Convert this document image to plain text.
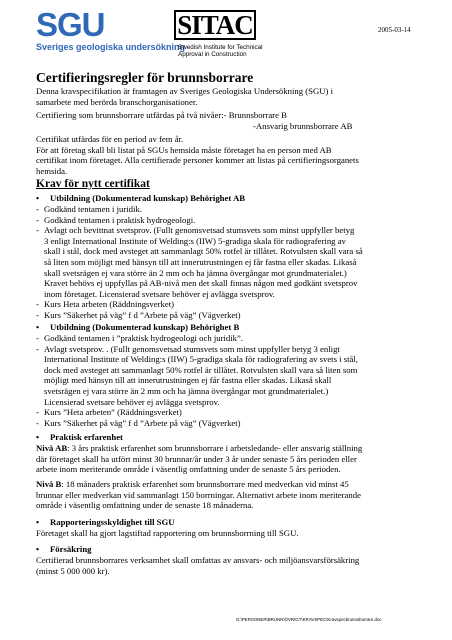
SGU
Sveriges geologiska undersökning
SITAC
Swedish Institute for Technical
Approval in Construction
2005-03-14
Certifieringsregler för brunnsborrare
Denna kravspecifikation är framtagen av Sveriges Geologiska Undersökning (SGU) i
samarbete med berörda branschorganisationer.
Certifiering som brunnsborrare utfärdas på två nivåer:- Brunnsborrare B
-Ansvarig brunnsborrare AB
Certifikat utfärdas för en period av fem år.
För att företag skall bli listat på SGUs hemsida måste företaget ha en person med AB
certifikat inom företaget. Alla certifierade personer kommer att listas på certifieringsorganets
hemsida.
Krav för nytt certifikat
• Utbildning (Dokumenterad kunskap) Behörighet AB
- Godkänd tentamen i juridik.
- Godkänd tentamen i praktisk hydrogeologi.
- Avlagt och bevittnat svetsprov. (Fullt genomsvetsad stumsvets som minst uppfyller betyg
3 enligt International Institute of Welding:s (IIW) 5-gradiga skala för radiografering av
skall i stål, dock med avsteget att sammanlagt 50% rotfel är tillåtet. Rotvulsten skall vara så
så liten som möjligt med hänsyn till att innerutrustningen ej får fastna eller skadas. Likaså
skall svetsrägen ej vara större än 2 mm och ha jämna övergångar mot grundmaterialet.)
Kravet behövs ej uppfyllas på AB-nivå men det skall finnas någon med godkänt svetsprov
inom företaget. Licensierad svetsare behöver ej avlägga svetsprov.
- Kurs Heta arbeten (Räddningsverket)
- Kurs ”Säkerhet på väg” f d ”Arbete på väg” (Vägverket)
• Utbildning (Dokumenterad kunskap) Behörighet B
- Godkänd tentamen i ”praktisk hydrogeologi och juridik”.
- Avlagt svetsprov. . (Fullt genomsvetsad stumsvets som minst uppfyller betyg 3 enligt
International Institute of Welding:s (IIW) 5-gradiga skala för radiografering av svets i stål,
dock med avsteget att sammanlagt 50% rotfel är tillåtet. Rotvulsten skall vara så liten som
möjligt med hänsyn till att innerutrustningen ej får fastna eller skadas. Likaså skall
svetsrägen ej vara större än 2 mm och ha jämna övergångar mot grundmaterialet.)
Licensierad svetsare behöver ej avlägga svetsprov.
- Kurs ”Heta arbeten” (Räddningsverket)
- Kurs ”Säkerhet på väg” f d ”Arbete på väg” (Vägverket)
• Praktisk erfarenhet
Nivå AB: 3 års praktisk erfarenhet som brunnsborrare i arbetsledande- eller ansvarig ställning
där företaget skall ha utfört minst 30 brunnar/år under 3 år under senaste 5 års perioden eller
arbete inom meriterande område i väsentlig omfattning under de senaste 5 års perioden.
Nivå B: 18 månaders praktisk erfarenhet som brunnsborrare med medverkan vid minst 45
brunnar eller medverkan vid sammanlagt 150 borrningar. Alternativt arbete inom meriterande
område i väsentlig omfattning under de senaste 18 månaderna.
• Rapporteringsskyldighet till SGU
Företaget skall ha gjort lagstiftad rapportering om brunnsborrning till SGU.
• Försäkring
Certifierad brunnsborrares verksamhet skall omfattas av ansvars- och miljöansvarsförsäkring
(minst 5 000 000 kr).
G:\PERSONER\BRUNN\ÖVRIGT\KRAVSPEC\Kravspecbrunnsborrare.doc
